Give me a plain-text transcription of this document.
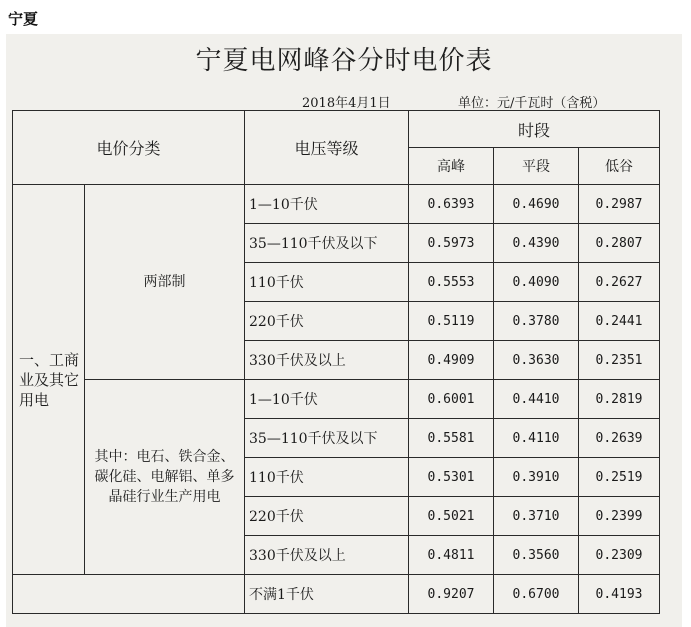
宁夏
宁夏电网峰谷分时电价表
2018年4月1日	单位：元/千瓦时（含税）
电价分类		电压等级	时段		
			高峰	平段	低谷
一、工商业及其它用电	两部制	1—10千伏	0.6393	0.4690	0.2987
		35—110千伏及以下	0.5973	0.4390	0.2807
		110千伏	0.5553	0.4090	0.2627
		220千伏	0.5119	0.3780	0.2441
		330千伏及以上	0.4909	0.3630	0.2351
	其中：电石、铁合金、碳化硅、电解铝、单多晶硅行业生产用电	1—10千伏	0.6001	0.4410	0.2819
		35—110千伏及以下	0.5581	0.4110	0.2639
		110千伏	0.5301	0.3910	0.2519
		220千伏	0.5021	0.3710	0.2399
		330千伏及以上	0.4811	0.3560	0.2309
		不满1千伏	0.9207	0.6700	0.4193
